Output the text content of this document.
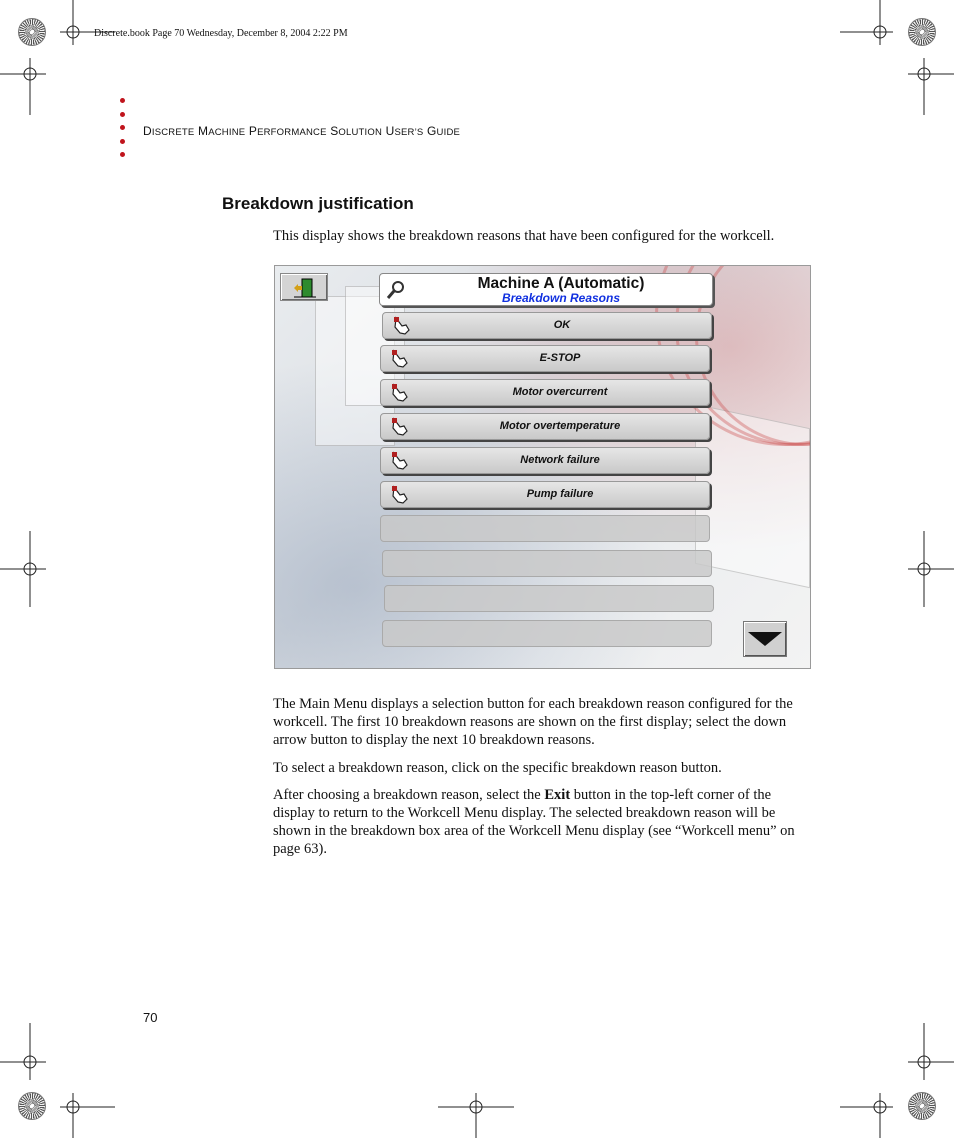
Discrete.book Page 70 Wednesday, December 8, 2004 2:22 PM
DISCRETE MACHINE PERFORMANCE SOLUTION USER’S GUIDE
Breakdown justification

This display shows the breakdown reasons that have been configured for the workcell.

Machine A (Automatic)
Breakdown Reasons
OK
E-STOP
Motor overcurrent
Motor overtemperature
Network failure
Pump failure

The Main Menu displays a selection button for each breakdown reason configured for the workcell. The first 10 breakdown reasons are shown on the first display; select the down arrow button to display the next 10 breakdown reasons.

To select a breakdown reason, click on the specific breakdown reason button.

After choosing a breakdown reason, select the Exit button in the top-left corner of the display to return to the Workcell Menu display. The selected breakdown reason will be shown in the breakdown box area of the Workcell Menu display (see “Workcell menu” on page 63).

70
